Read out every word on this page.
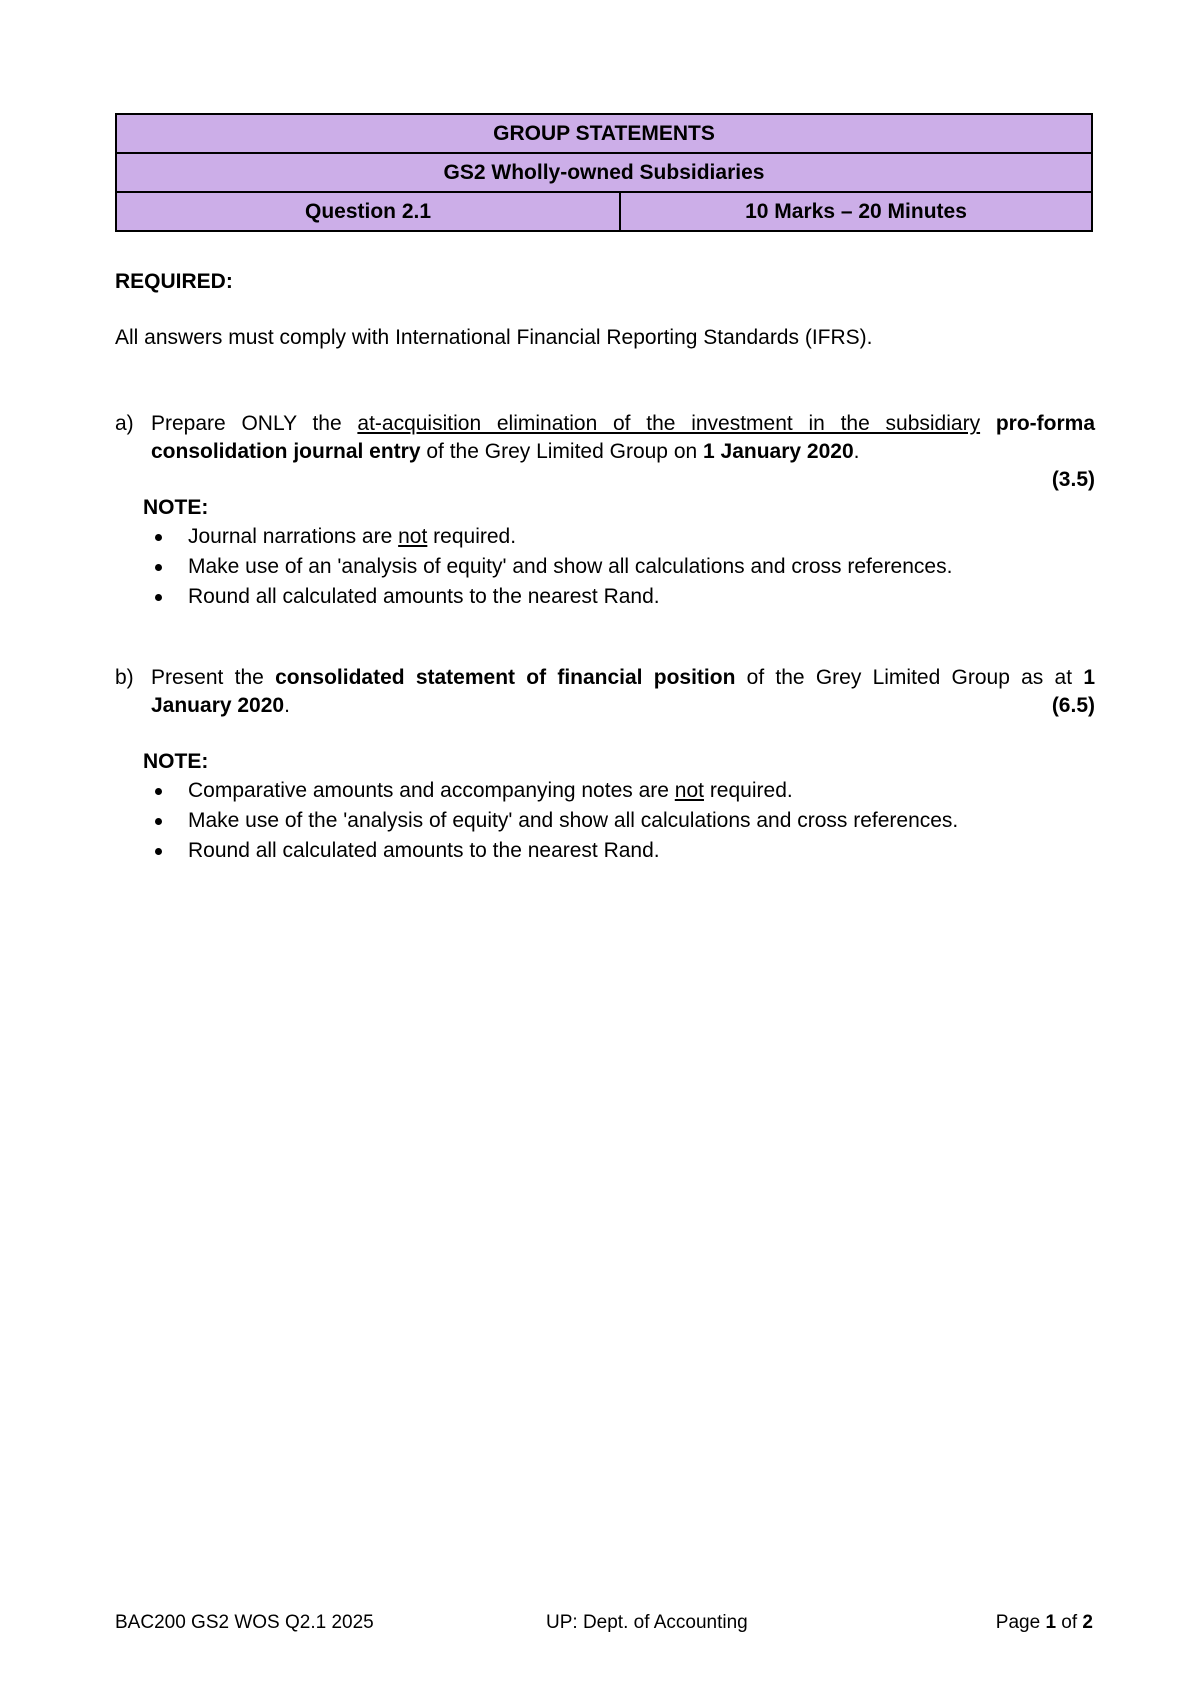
GROUP STATEMENTS
GS2 Wholly-owned Subsidiaries
Question 2.1	10 Marks – 20 Minutes
REQUIRED:
All answers must comply with International Financial Reporting Standards (IFRS).
a) Prepare ONLY the at-acquisition elimination of the investment in the subsidiary pro-forma consolidation journal entry of the Grey Limited Group on 1 January 2020.
(3.5)
NOTE:
Journal narrations are not required.
Make use of an 'analysis of equity' and show all calculations and cross references.
Round all calculated amounts to the nearest Rand.
b) Present the consolidated statement of financial position of the Grey Limited Group as at 1 January 2020.	(6.5)
NOTE:
Comparative amounts and accompanying notes are not required.
Make use of the 'analysis of equity' and show all calculations and cross references.
Round all calculated amounts to the nearest Rand.
BAC200 GS2 WOS Q2.1 2025	UP: Dept. of Accounting	Page 1 of 2
